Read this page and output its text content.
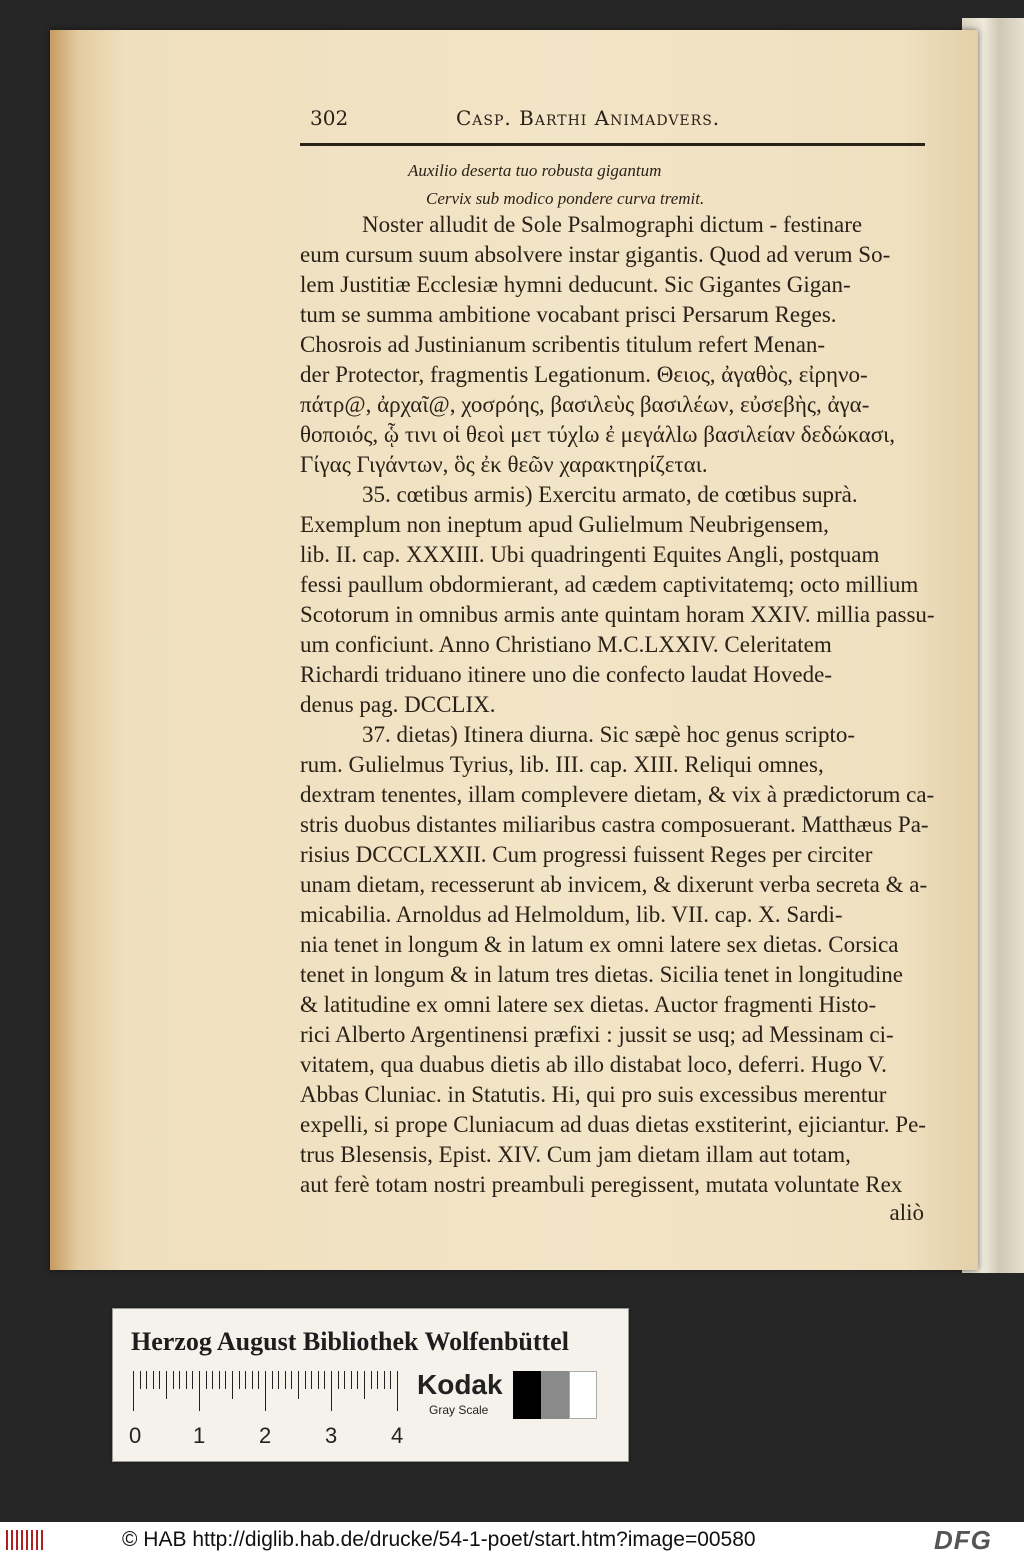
302	Casp. Barthi Animadvers.
Auxilio deserta tuo robusta gigantum
Cervix sub modico pondere curva tremit.
Noster alludit de Sole Psalmographi dictum - festinare
eum cursum suum absolvere instar gigantis. Quod ad verum So-
lem Justitiæ Ecclesiæ hymni deducunt. Sic Gigantes Gigan-
tum se summa ambitione vocabant prisci Persarum Reges.
Chosrois ad Justinianum scribentis titulum refert Menan-
der Protector, fragmentis Legationum. Θειος, ἀγαθὸς, εἰρηνο-
πάτρ@, ἀρχαῖ@, χοσρόης, βασιλεὺς βασιλέων, εὐσεβὴς, ἀγα-
θοποιός, ᾧ τινι οἱ θεοὶ μετ τύχlω ἐ μεγάλlω βασιλείαν δεδώκασι,
Γίγας Γιγάντων, ὃς ἐκ θεῶν χαρακτηρίζεται.
35. cœtibus armis) Exercitu armato, de cœtibus suprà.
Exemplum non ineptum apud Gulielmum Neubrigensem,
lib. II. cap. XXXIII. Ubi quadringenti Equites Angli, postquam
fessi paullum obdormierant, ad cædem captivitatemq; octo millium
Scotorum in omnibus armis ante quintam horam XXIV. millia passu-
um conficiunt. Anno Christiano M.C.LXXIV. Celeritatem
Richardi triduano itinere uno die confecto laudat Hovede-
denus pag. DCCLIX.
37. dietas) Itinera diurna. Sic sæpè hoc genus scripto-
rum. Gulielmus Tyrius, lib. III. cap. XIII. Reliqui omnes,
dextram tenentes, illam complevere dietam, & vix à prædictorum ca-
stris duobus distantes miliaribus castra composuerant. Matthæus Pa-
risius DCCCLXXII. Cum progressi fuissent Reges per circiter
unam dietam, recesserunt ab invicem, & dixerunt verba secreta & a-
micabilia. Arnoldus ad Helmoldum, lib. VII. cap. X. Sardi-
nia tenet in longum & in latum ex omni latere sex dietas. Corsica
tenet in longum & in latum tres dietas. Sicilia tenet in longitudine
& latitudine ex omni latere sex dietas. Auctor fragmenti Histo-
rici Alberto Argentinensi præfixi : jussit se usq; ad Messinam ci-
vitatem, qua duabus dietis ab illo distabat loco, deferri. Hugo V.
Abbas Cluniac. in Statutis. Hi, qui pro suis excessibus merentur
expelli, si prope Cluniacum ad duas dietas exstiterint, ejiciantur. Pe-
trus Blesensis, Epist. XIV. Cum jam dietam illam aut totam,
aut ferè totam nostri preambuli peregissent, mutata voluntate Rex
aliò
Herzog August Bibliothek Wolfenbüttel
0 1 2 3 4
Kodak
Gray Scale
© HAB http://diglib.hab.de/drucke/54-1-poet/start.htm?image=00580	DFG
